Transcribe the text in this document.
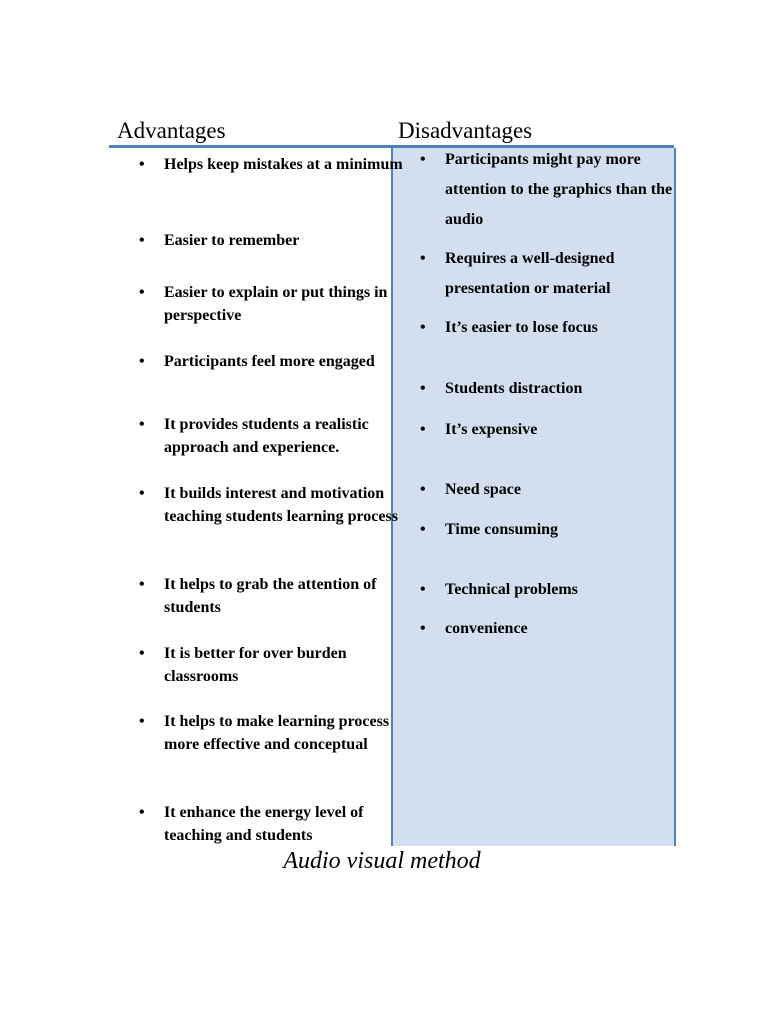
Advantages	Disadvantages
• Helps keep mistakes at a minimum
• Easier to remember
• Easier to explain or put things in perspective
• Participants feel more engaged
• It provides students a realistic approach and experience.
• It builds interest and motivation teaching students learning process
• It helps to grab the attention of students
• It is better for over burden classrooms
• It helps to make learning process more effective and conceptual
• It enhance the energy level of teaching and students
• Participants might pay more attention to the graphics than the audio
• Requires a well-designed presentation or material
• It’s easier to lose focus
• Students distraction
• It’s expensive
• Need space
• Time consuming
• Technical problems
• convenience
Audio visual method
